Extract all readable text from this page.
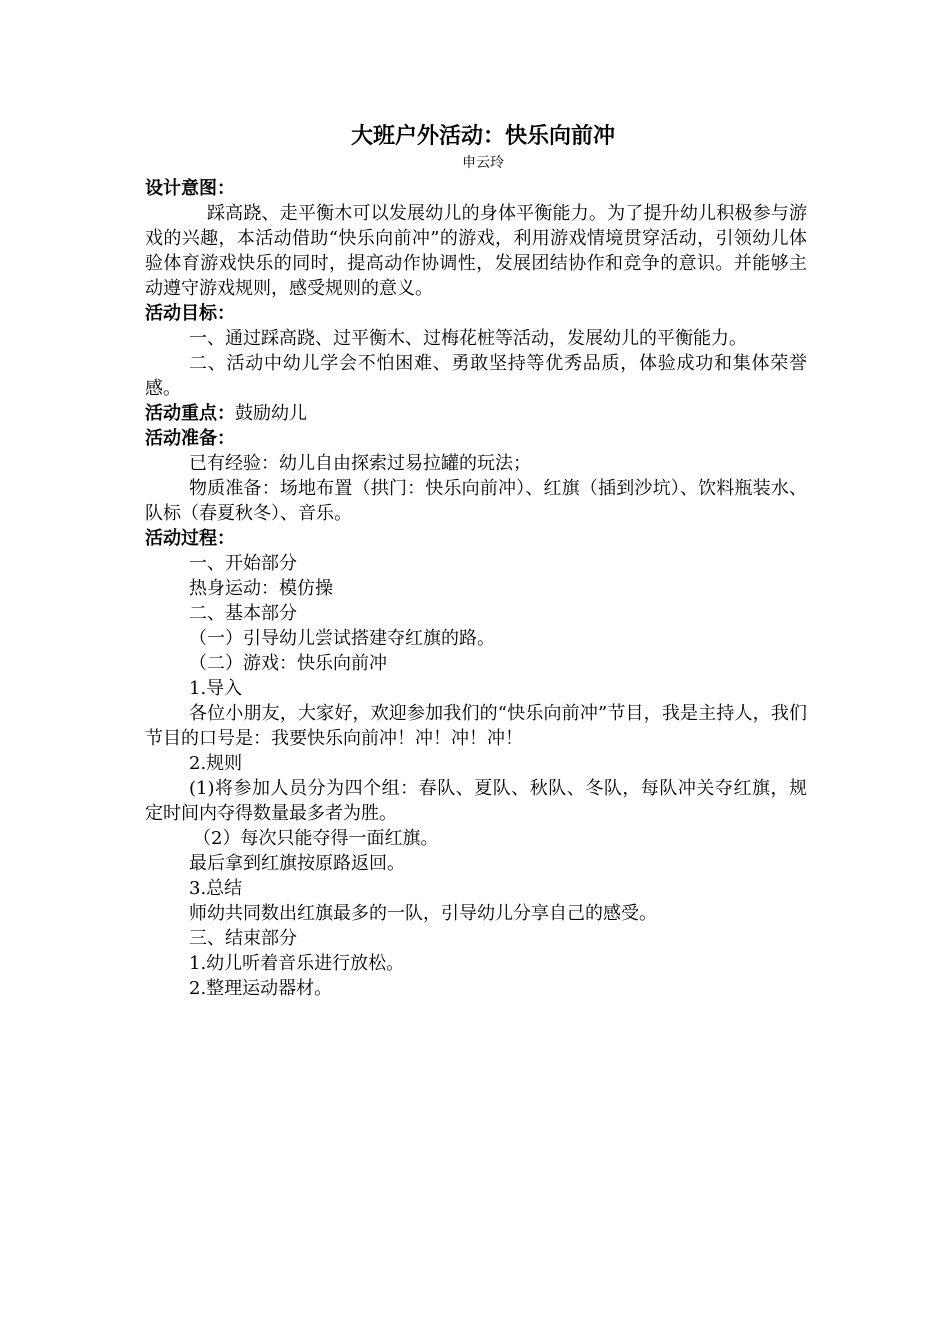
大班户外活动：快乐向前冲

申云玲

设计意图：

踩高跷、走平衡木可以发展幼儿的身体平衡能力。为了提升幼儿积极参与游戏的兴趣，本活动借助“快乐向前冲”的游戏，利用游戏情境贯穿活动，引领幼儿体验体育游戏快乐的同时，提高动作协调性，发展团结协作和竞争的意识。并能够主动遵守游戏规则，感受规则的意义。

活动目标：

一、通过踩高跷、过平衡木、过梅花桩等活动，发展幼儿的平衡能力。

二、活动中幼儿学会不怕困难、勇敢坚持等优秀品质，体验成功和集体荣誉感。

活动重点：鼓励幼儿

活动准备：

已有经验：幼儿自由探索过易拉罐的玩法；

物质准备：场地布置（拱门：快乐向前冲）、红旗（插到沙坑）、饮料瓶装水、 队标（春夏秋冬）、音乐。

活动过程：

一、开始部分

热身运动：模仿操

二、基本部分

（一）引导幼儿尝试搭建夺红旗的路。

（二）游戏：快乐向前冲

1.导入

各位小朋友，大家好，欢迎参加我们的“快乐向前冲”节目，我是主持人，我们节目的口号是：我要快乐向前冲！冲！冲！冲！

2.规则

(1)将参加人员分为四个组：春队、夏队、秋队、冬队，每队冲关夺红旗，规定时间内夺得数量最多者为胜。

（2）每次只能夺得一面红旗。

最后拿到红旗按原路返回。

3.总结

师幼共同数出红旗最多的一队，引导幼儿分享自己的感受。

三、结束部分

1.幼儿听着音乐进行放松。

2.整理运动器材。
